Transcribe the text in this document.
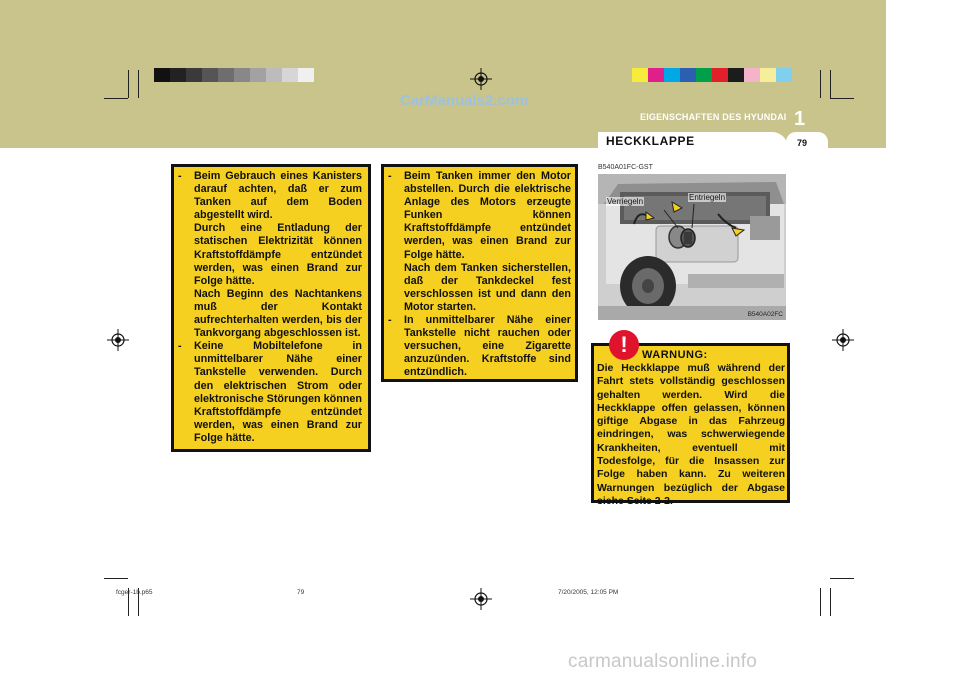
CarManuals2.com
EIGENSCHAFTEN DES HYUNDAI 1
HECKKLAPPE	79
- Beim Gebrauch eines Kanisters darauf achten, daß er zum Tanken auf dem Boden abgestellt wird.

Durch eine Entladung der statischen Elektrizität können Kraftstoffdämpfe entzündet werden, was einen Brand zur Folge hätte.

Nach Beginn des Nachtankens muß der Kontakt aufrechterhalten werden, bis der Tankvorgang abgeschlossen ist.

- Keine Mobiltelefone in unmittelbarer Nähe einer Tankstelle verwenden. Durch den elektrischen Strom oder elektronische Störungen können Kraftstoffdämpfe entzündet werden, was einen Brand zur Folge hätte.

- Beim Tanken immer den Motor abstellen. Durch die elektrische Anlage des Motors erzeugte Funken können Kraftstoffdämpfe entzündet werden, was einen Brand zur Folge hätte.

Nach dem Tanken sicherstellen, daß der Tankdeckel fest verschlossen ist und dann den Motor starten.

- In unmittelbarer Nähe einer Tankstelle nicht rauchen oder versuchen, eine Zigarette anzuzünden. Kraftstoffe sind entzündlich.

B540A01FC-GST
Verriegeln	Entriegeln
B540A02FC
WARNUNG:
Die Heckklappe muß während der Fahrt stets vollständig geschlossen gehalten werden. Wird die Heckklappe offen gelassen, können giftige Abgase in das Fahrzeug eindringen, was schwerwiegende Krankheiten, eventuell mit Todesfolge, für die Insassen zur Folge haben kann. Zu weiteren Warnungen bezüglich der Abgase siehe Seite 2-2.
!
fcger-1b.p65	79	7/20/2005, 12:05 PM
carmanualsonline.info
